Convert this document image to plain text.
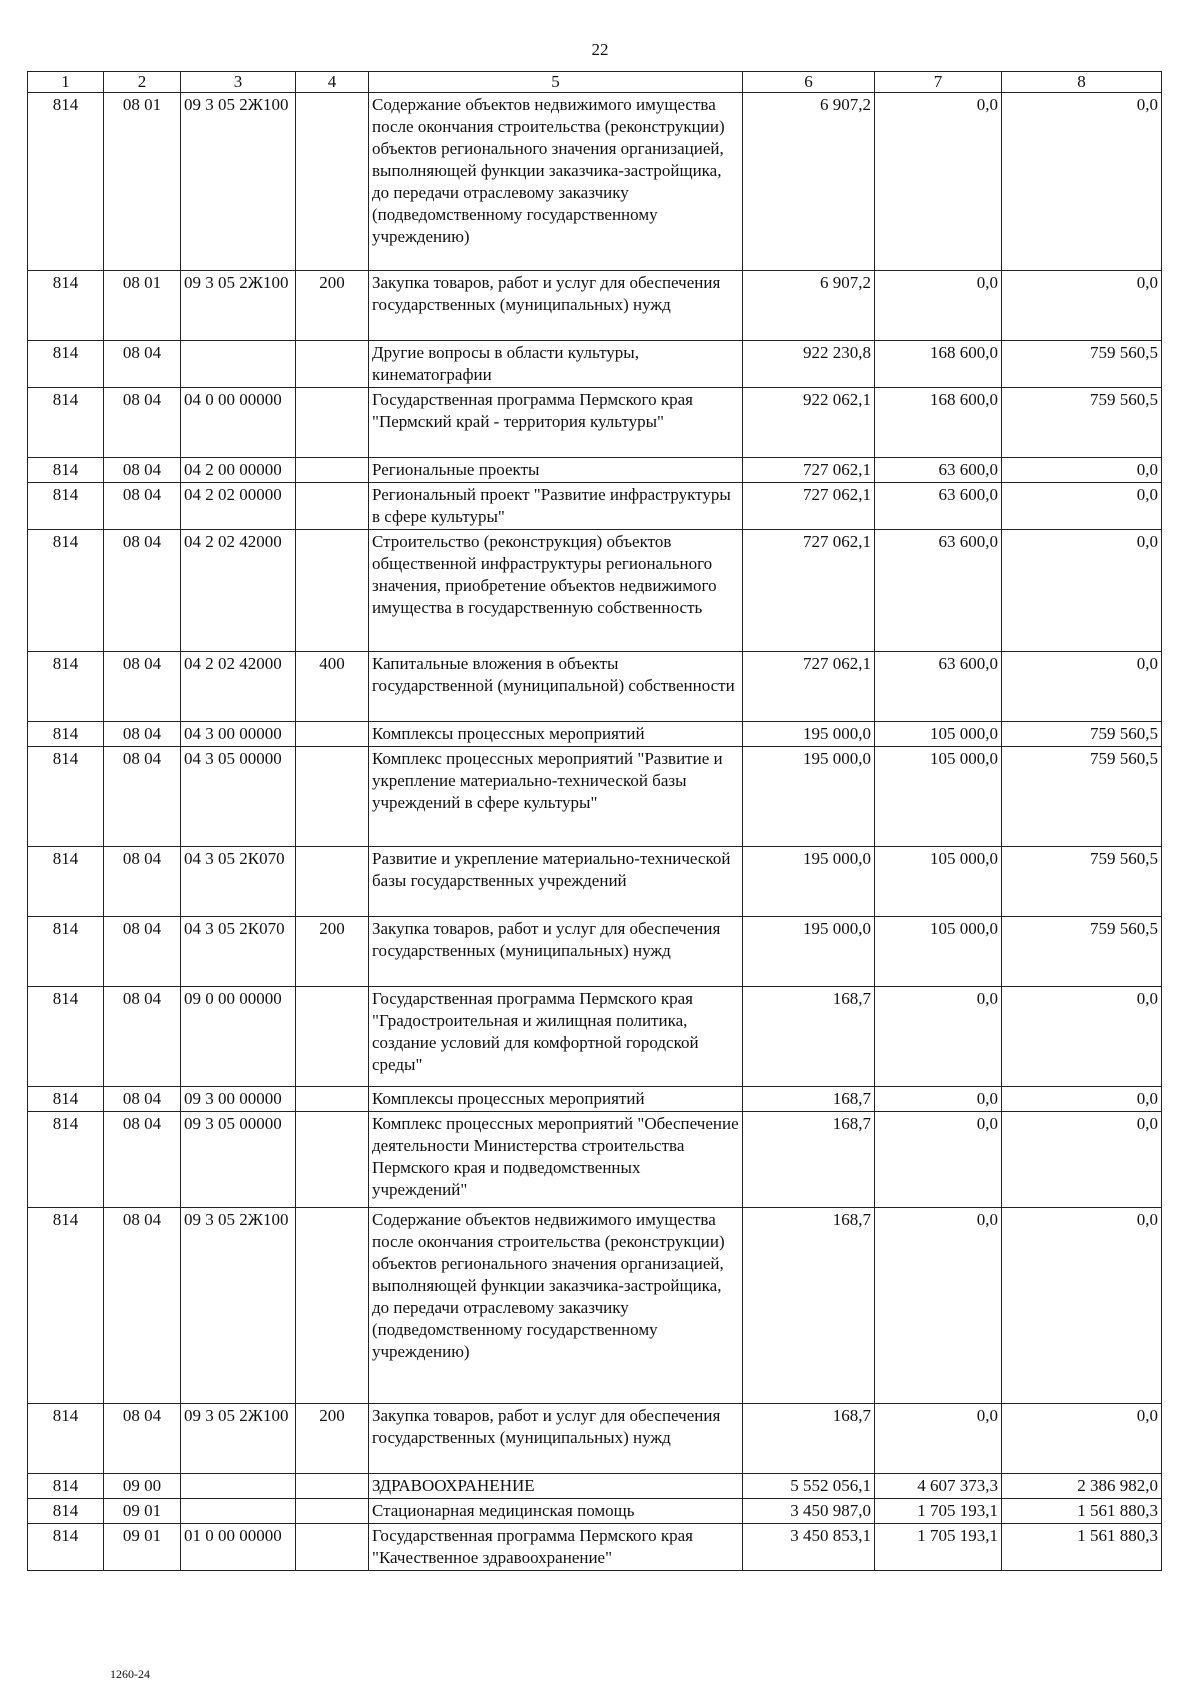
22
1	2	3	4	5	6	7	8
814	08 01	09 3 05 2Ж100		Содержание объектов недвижимого имущества после окончания строительства (реконструкции) объектов регионального значения организацией, выполняющей функции заказчика-застройщика, до передачи отраслевому заказчику (подведомственному государственному учреждению)	6 907,2	0,0	0,0
814	08 01	09 3 05 2Ж100	200	Закупка товаров, работ и услуг для обеспечения государственных (муниципальных) нужд	6 907,2	0,0	0,0
814	08 04			Другие вопросы в области культуры, кинематографии	922 230,8	168 600,0	759 560,5
814	08 04	04 0 00 00000		Государственная программа Пермского края "Пермский край - территория культуры"	922 062,1	168 600,0	759 560,5
814	08 04	04 2 00 00000		Региональные проекты	727 062,1	63 600,0	0,0
814	08 04	04 2 02 00000		Региональный проект "Развитие инфраструктуры в сфере культуры"	727 062,1	63 600,0	0,0
814	08 04	04 2 02 42000		Строительство (реконструкция) объектов общественной инфраструктуры регионального значения, приобретение объектов недвижимого имущества в государственную собственность	727 062,1	63 600,0	0,0
814	08 04	04 2 02 42000	400	Капитальные вложения в объекты государственной (муниципальной) собственности	727 062,1	63 600,0	0,0
814	08 04	04 3 00 00000		Комплексы процессных мероприятий	195 000,0	105 000,0	759 560,5
814	08 04	04 3 05 00000		Комплекс процессных мероприятий "Развитие и укрепление материально-технической базы учреждений в сфере культуры"	195 000,0	105 000,0	759 560,5
814	08 04	04 3 05 2К070		Развитие и укрепление материально-технической базы государственных учреждений	195 000,0	105 000,0	759 560,5
814	08 04	04 3 05 2К070	200	Закупка товаров, работ и услуг для обеспечения государственных (муниципальных) нужд	195 000,0	105 000,0	759 560,5
814	08 04	09 0 00 00000		Государственная программа Пермского края "Градостроительная и жилищная политика, создание условий для комфортной городской среды"	168,7	0,0	0,0
814	08 04	09 3 00 00000		Комплексы процессных мероприятий	168,7	0,0	0,0
814	08 04	09 3 05 00000		Комплекс процессных мероприятий "Обеспечение деятельности Министерства строительства Пермского края и подведомственных учреждений"	168,7	0,0	0,0
814	08 04	09 3 05 2Ж100		Содержание объектов недвижимого имущества после окончания строительства (реконструкции) объектов регионального значения организацией, выполняющей функции заказчика-застройщика, до передачи отраслевому заказчику (подведомственному государственному учреждению)	168,7	0,0	0,0
814	08 04	09 3 05 2Ж100	200	Закупка товаров, работ и услуг для обеспечения государственных (муниципальных) нужд	168,7	0,0	0,0
814	09 00			ЗДРАВООХРАНЕНИЕ	5 552 056,1	4 607 373,3	2 386 982,0
814	09 01			Стационарная медицинская помощь	3 450 987,0	1 705 193,1	1 561 880,3
814	09 01	01 0 00 00000		Государственная программа Пермского края "Качественное здравоохранение"	3 450 853,1	1 705 193,1	1 561 880,3
1260-24
